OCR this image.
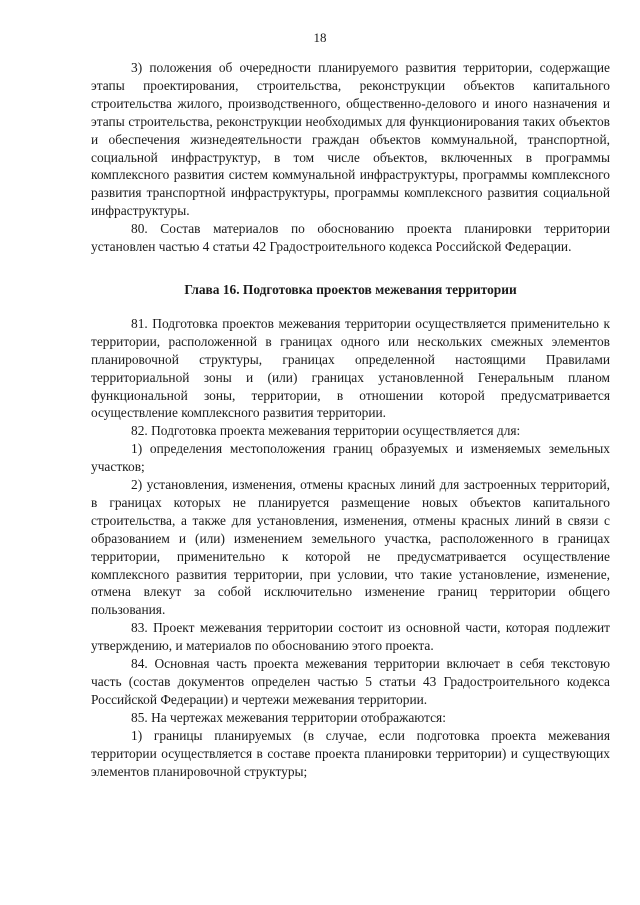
18

3) положения об очередности планируемого развития территории, содержащие этапы проектирования, строительства, реконструкции объектов капитального строительства жилого, производственного, общественно-делового и иного назначения и этапы строительства, реконструкции необходимых для функционирования таких объектов и обеспечения жизнедеятельности граждан объектов коммунальной, транспортной, социальной инфраструктур, в том числе объектов, включенных в программы комплексного развития систем коммунальной инфраструктуры, программы комплексного развития транспортной инфраструктуры, программы комплексного развития социальной инфраструктуры.

80. Состав материалов по обоснованию проекта планировки территории установлен частью 4 статьи 42 Градостроительного кодекса Российской Федерации.

Глава 16. Подготовка проектов межевания территории

81. Подготовка проектов межевания территории осуществляется применительно к территории, расположенной в границах одного или нескольких смежных элементов планировочной структуры, границах определенной настоящими Правилами территориальной зоны и (или) границах установленной Генеральным планом функциональной зоны, территории, в отношении которой предусматривается осуществление комплексного развития территории.

82. Подготовка проекта межевания территории осуществляется для:

1) определения местоположения границ образуемых и изменяемых земельных участков;

2) установления, изменения, отмены красных линий для застроенных территорий, в границах которых не планируется размещение новых объектов капитального строительства, а также для установления, изменения, отмены красных линий в связи с образованием и (или) изменением земельного участка, расположенного в границах территории, применительно к которой не предусматривается осуществление комплексного развития территории, при условии, что такие установление, изменение, отмена влекут за собой исключительно изменение границ территории общего пользования.

83. Проект межевания территории состоит из основной части, которая подлежит утверждению, и материалов по обоснованию этого проекта.

84. Основная часть проекта межевания территории включает в себя текстовую часть (состав документов определен частью 5 статьи 43 Градостроительного кодекса Российской Федерации) и чертежи межевания территории.

85. На чертежах межевания территории отображаются:

1) границы планируемых (в случае, если подготовка проекта межевания территории осуществляется в составе проекта планировки территории) и существующих элементов планировочной структуры;
